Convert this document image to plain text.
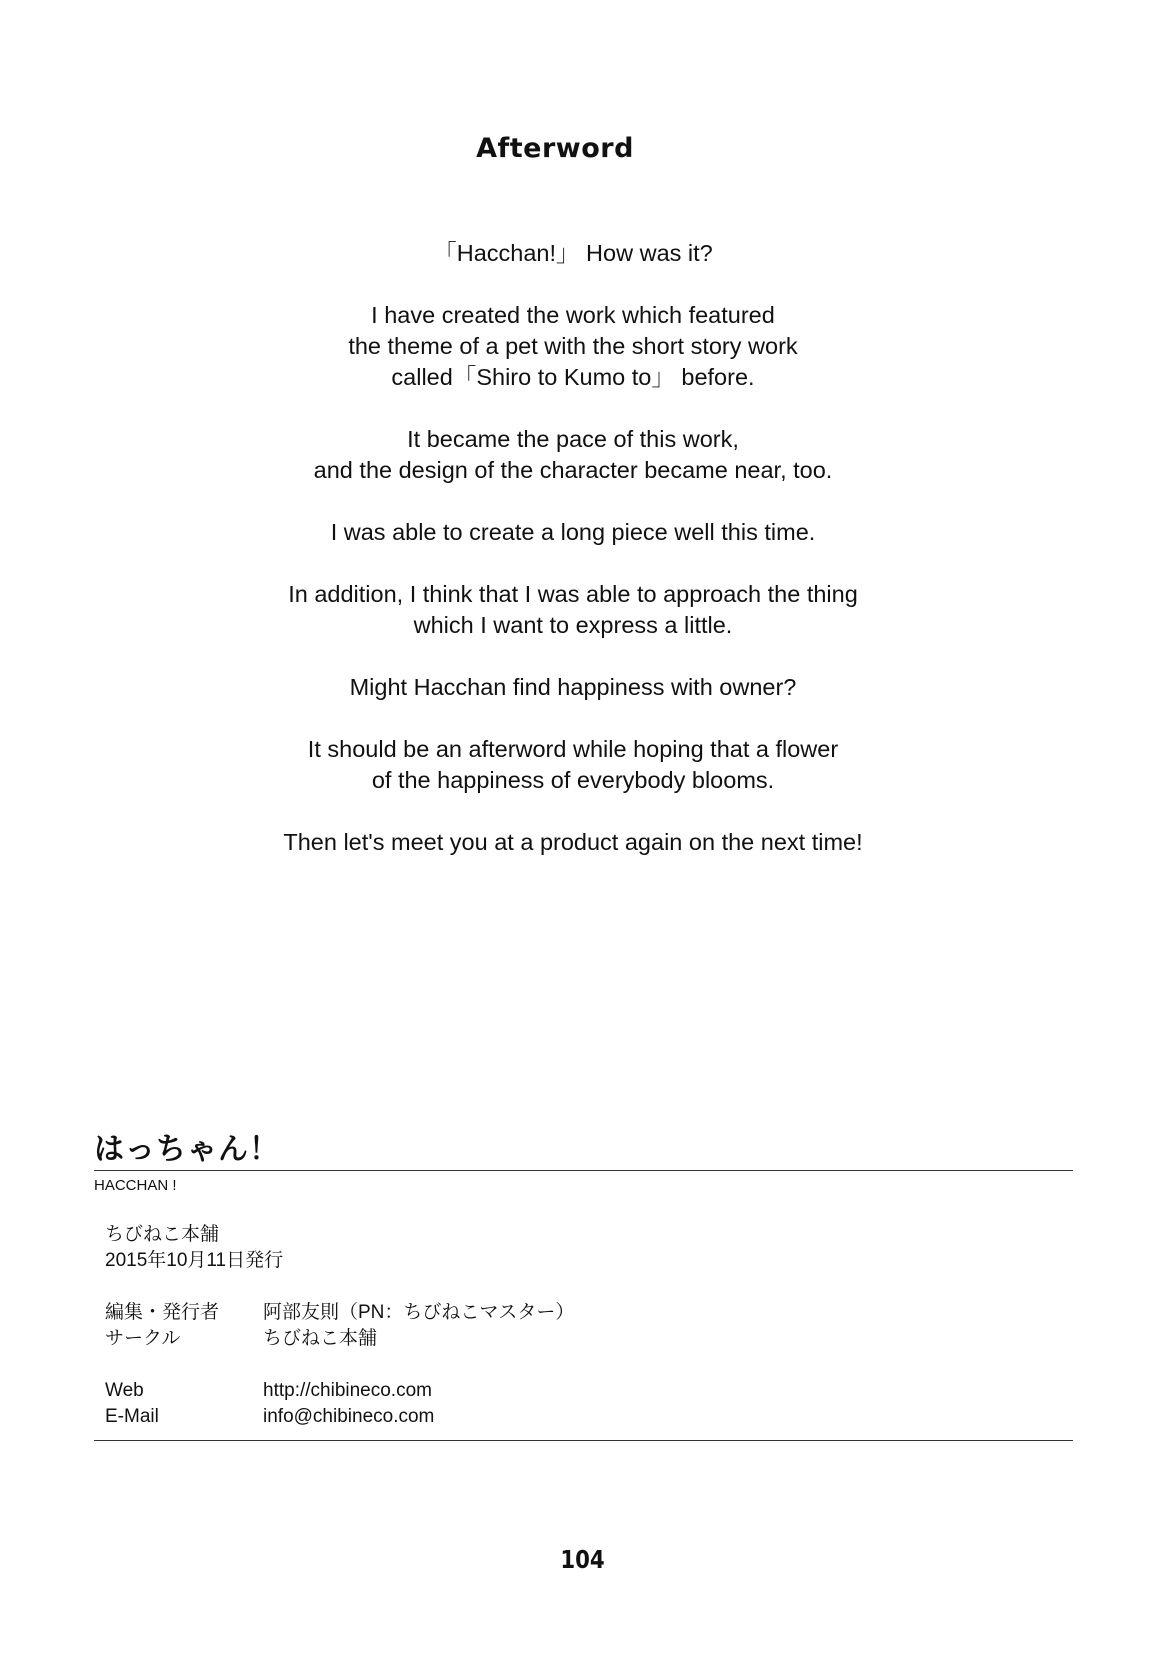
Afterword

「Hacchan!」 How was it?

I have created the work which featured
the theme of a pet with the short story work
called「Shiro to Kumo to」 before.

It became the pace of this work,
and the design of the character became near, too.

I was able to create a long piece well this time.

In addition, I think that I was able to approach the thing
which I want to express a little.

Might Hacchan find happiness with owner?

It should be an afterword while hoping that a flower
of the happiness of everybody blooms.

Then let's meet you at a product again on the next time!

はっちゃん！
HACCHAN !
ちびねこ本舗
2015年10月11日発行
編集・発行者	阿部友則（PN：ちびねこマスター）
サークル	ちびねこ本舗
Web	http://chibineco.com
E-Mail	info@chibineco.com
104
